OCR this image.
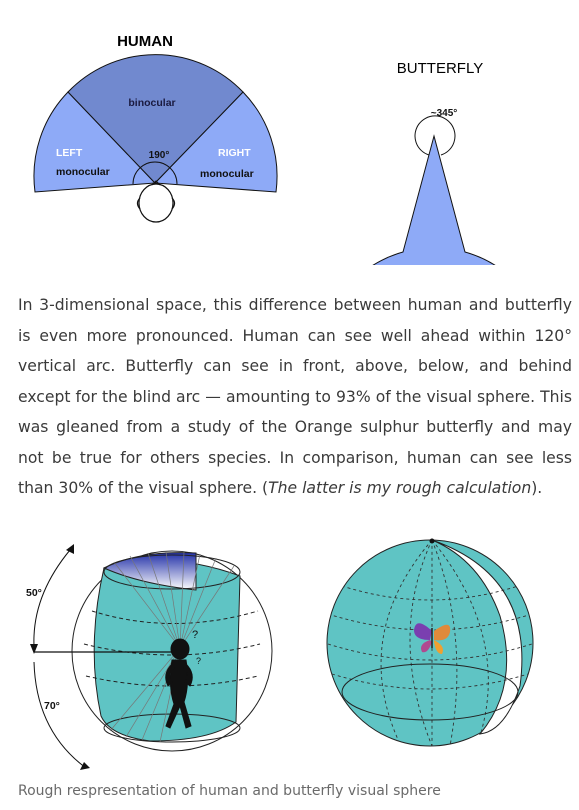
HUMAN
binocular
LEFT
monocular
RIGHT
monocular
190°
BUTTERFLY
~345°

In 3-dimensional space, this difference between human and butterfly is even more pronounced. Human can see well ahead within 120° vertical arc. Butterfly can see in front, above, below, and behind except for the blind arc — amounting to 93% of the visual sphere. This was gleaned from a study of the Orange sulphur butterfly and may not be true for others species. In comparison, human can see less than 30% of the visual sphere. (The latter is my rough calculation).

?
?
50°
70°
Rough respresentation of human and butterfly visual sphere
